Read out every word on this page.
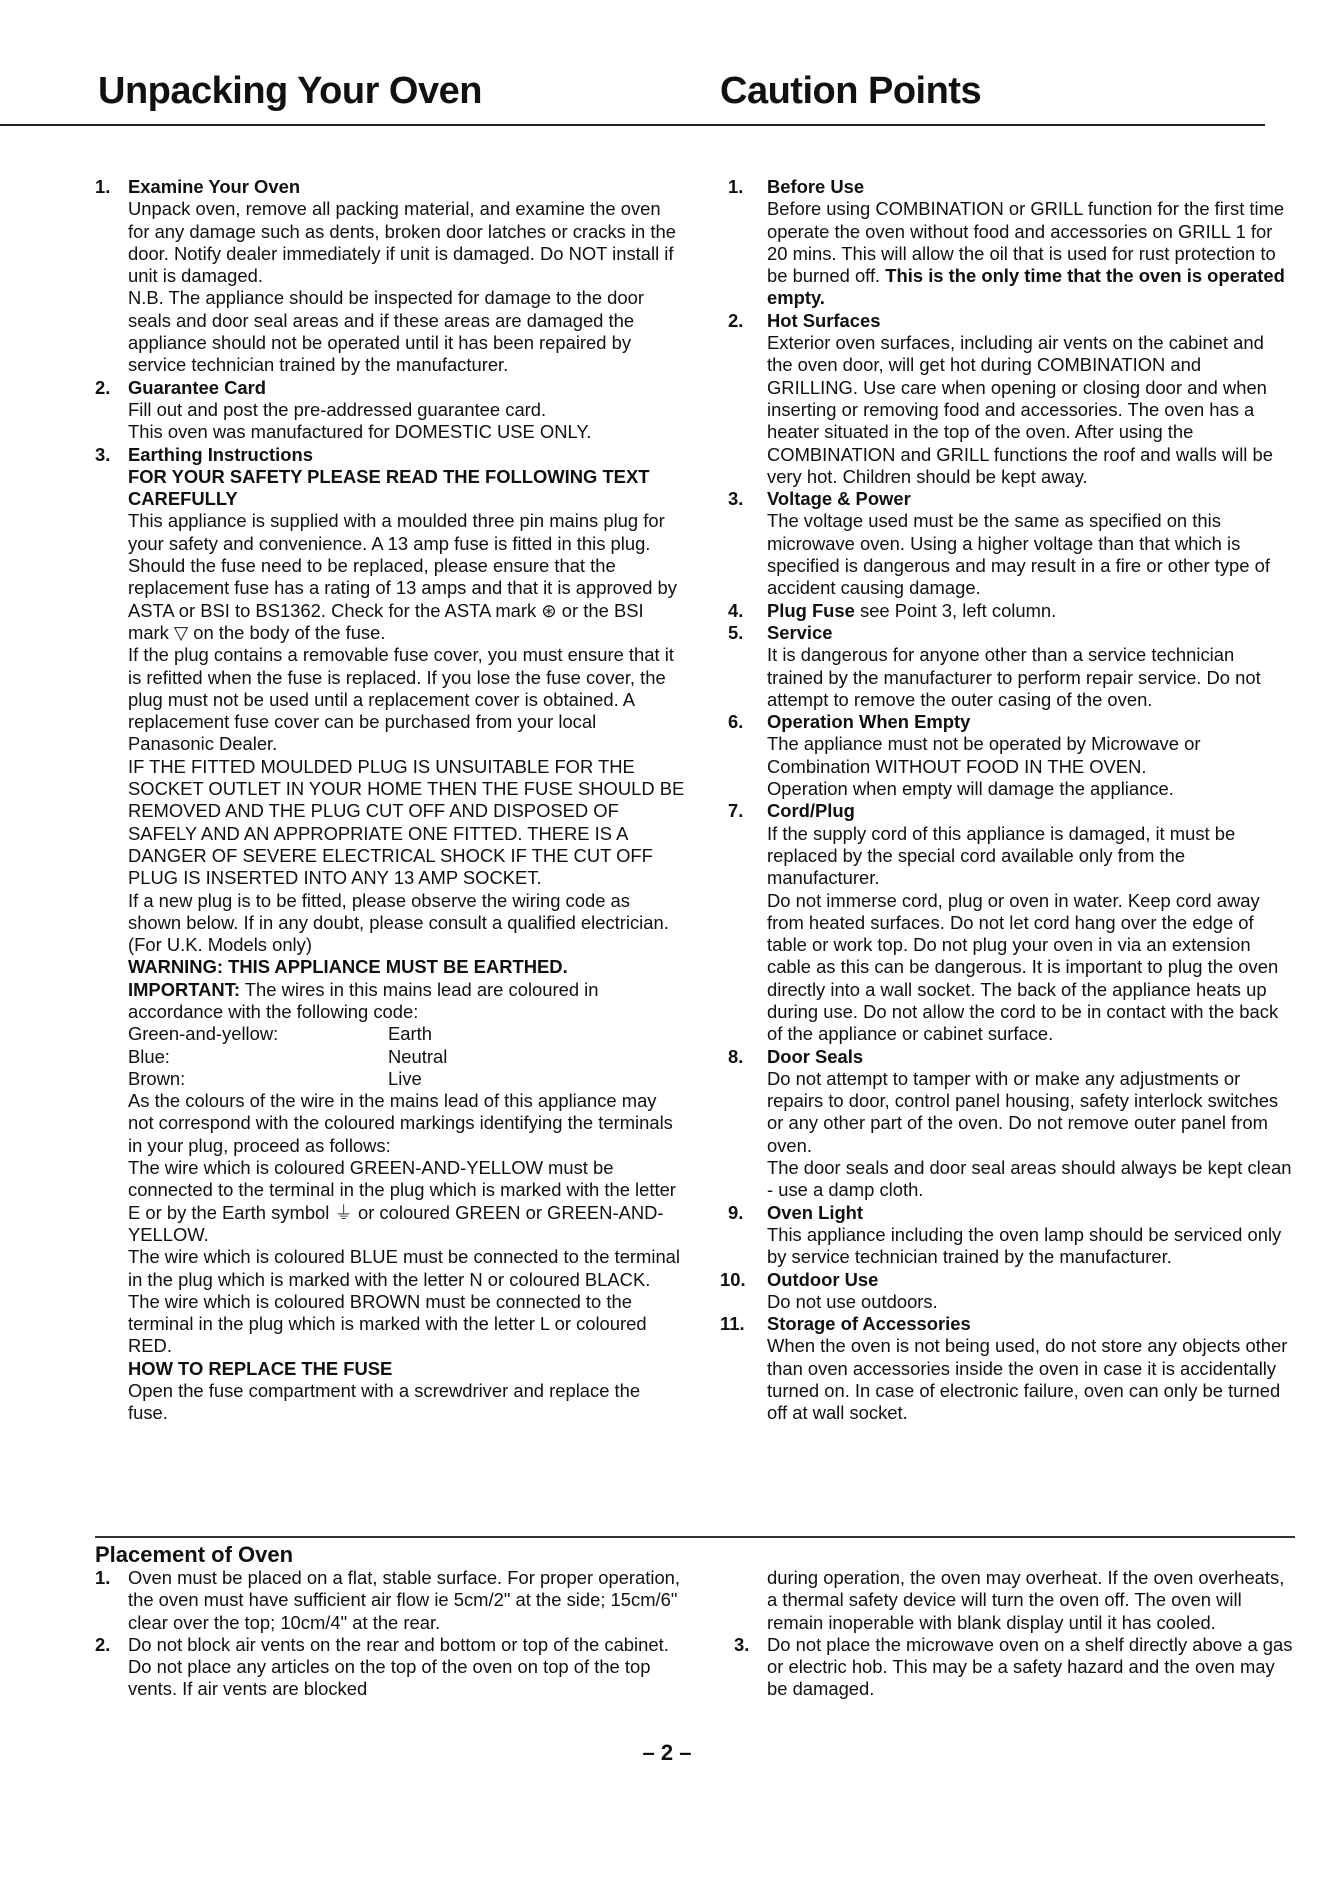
Unpacking Your Oven	Caution Points
1. Examine Your Oven
Unpack oven, remove all packing material, and examine the oven for any damage such as dents, broken door latches or cracks in the door. Notify dealer immediately if unit is damaged. Do NOT install if unit is damaged.
N.B. The appliance should be inspected for damage to the door seals and door seal areas and if these areas are damaged the appliance should not be operated until it has been repaired by service technician trained by the manufacturer.
2. Guarantee Card
Fill out and post the pre-addressed guarantee card.
This oven was manufactured for DOMESTIC USE ONLY.
3. Earthing Instructions
FOR YOUR SAFETY PLEASE READ THE FOLLOWING TEXT CAREFULLY
This appliance is supplied with a moulded three pin mains plug for your safety and convenience. A 13 amp fuse is fitted in this plug. Should the fuse need to be replaced, please ensure that the replacement fuse has a rating of 13 amps and that it is approved by ASTA or BSI to BS1362. Check for the ASTA mark ⊛ or the BSI mark ▽ on the body of the fuse.
If the plug contains a removable fuse cover, you must ensure that it is refitted when the fuse is replaced. If you lose the fuse cover, the plug must not be used until a replacement cover is obtained. A replacement fuse cover can be purchased from your local Panasonic Dealer.
IF THE FITTED MOULDED PLUG IS UNSUITABLE FOR THE SOCKET OUTLET IN YOUR HOME THEN THE FUSE SHOULD BE REMOVED AND THE PLUG CUT OFF AND DISPOSED OF SAFELY AND AN APPROPRIATE ONE FITTED. THERE IS A DANGER OF SEVERE ELECTRICAL SHOCK IF THE CUT OFF PLUG IS INSERTED INTO ANY 13 AMP SOCKET.
If a new plug is to be fitted, please observe the wiring code as shown below. If in any doubt, please consult a qualified electrician. (For U.K. Models only)
WARNING: THIS APPLIANCE MUST BE EARTHED.
IMPORTANT: The wires in this mains lead are coloured in accordance with the following code:
Green-and-yellow:	Earth
Blue:	Neutral
Brown:	Live
As the colours of the wire in the mains lead of this appliance may not correspond with the coloured markings identifying the terminals in your plug, proceed as follows:
The wire which is coloured GREEN-AND-YELLOW must be connected to the terminal in the plug which is marked with the letter E or by the Earth symbol ⏚ or coloured GREEN or GREEN-AND-YELLOW.
The wire which is coloured BLUE must be connected to the terminal in the plug which is marked with the letter N or coloured BLACK.
The wire which is coloured BROWN must be connected to the terminal in the plug which is marked with the letter L or coloured RED.
HOW TO REPLACE THE FUSE
Open the fuse compartment with a screwdriver and replace the fuse.
1. Before Use
Before using COMBINATION or GRILL function for the first time operate the oven without food and accessories on GRILL 1 for 20 mins. This will allow the oil that is used for rust protection to be burned off. This is the only time that the oven is operated empty.
2. Hot Surfaces
Exterior oven surfaces, including air vents on the cabinet and the oven door, will get hot during COMBINATION and GRILLING. Use care when opening or closing door and when inserting or removing food and accessories. The oven has a heater situated in the top of the oven. After using the COMBINATION and GRILL functions the roof and walls will be very hot. Children should be kept away.
3. Voltage & Power
The voltage used must be the same as specified on this microwave oven. Using a higher voltage than that which is specified is dangerous and may result in a fire or other type of accident causing damage.
4. Plug Fuse see Point 3, left column.
5. Service
It is dangerous for anyone other than a service technician trained by the manufacturer to perform repair service. Do not attempt to remove the outer casing of the oven.
6. Operation When Empty
The appliance must not be operated by Microwave or Combination WITHOUT FOOD IN THE OVEN.
Operation when empty will damage the appliance.
7. Cord/Plug
If the supply cord of this appliance is damaged, it must be replaced by the special cord available only from the manufacturer.
Do not immerse cord, plug or oven in water. Keep cord away from heated surfaces. Do not let cord hang over the edge of table or work top. Do not plug your oven in via an extension cable as this can be dangerous. It is important to plug the oven directly into a wall socket. The back of the appliance heats up during use. Do not allow the cord to be in contact with the back of the appliance or cabinet surface.
8. Door Seals
Do not attempt to tamper with or make any adjustments or repairs to door, control panel housing, safety interlock switches or any other part of the oven. Do not remove outer panel from oven.
The door seals and door seal areas should always be kept clean - use a damp cloth.
9. Oven Light
This appliance including the oven lamp should be serviced only by service technician trained by the manufacturer.
10. Outdoor Use
Do not use outdoors.
11. Storage of Accessories
When the oven is not being used, do not store any objects other than oven accessories inside the oven in case it is accidentally turned on. In case of electronic failure, oven can only be turned off at wall socket.
Placement of Oven
1. Oven must be placed on a flat, stable surface. For proper operation, the oven must have sufficient air flow ie 5cm/2" at the side; 15cm/6" clear over the top; 10cm/4" at the rear.
2. Do not block air vents on the rear and bottom or top of the cabinet. Do not place any articles on the top of the oven on top of the top vents. If air vents are blocked
during operation, the oven may overheat. If the oven overheats, a thermal safety device will turn the oven off. The oven will remain inoperable with blank display until it has cooled.
3. Do not place the microwave oven on a shelf directly above a gas or electric hob. This may be a safety hazard and the oven may be damaged.
– 2 –
